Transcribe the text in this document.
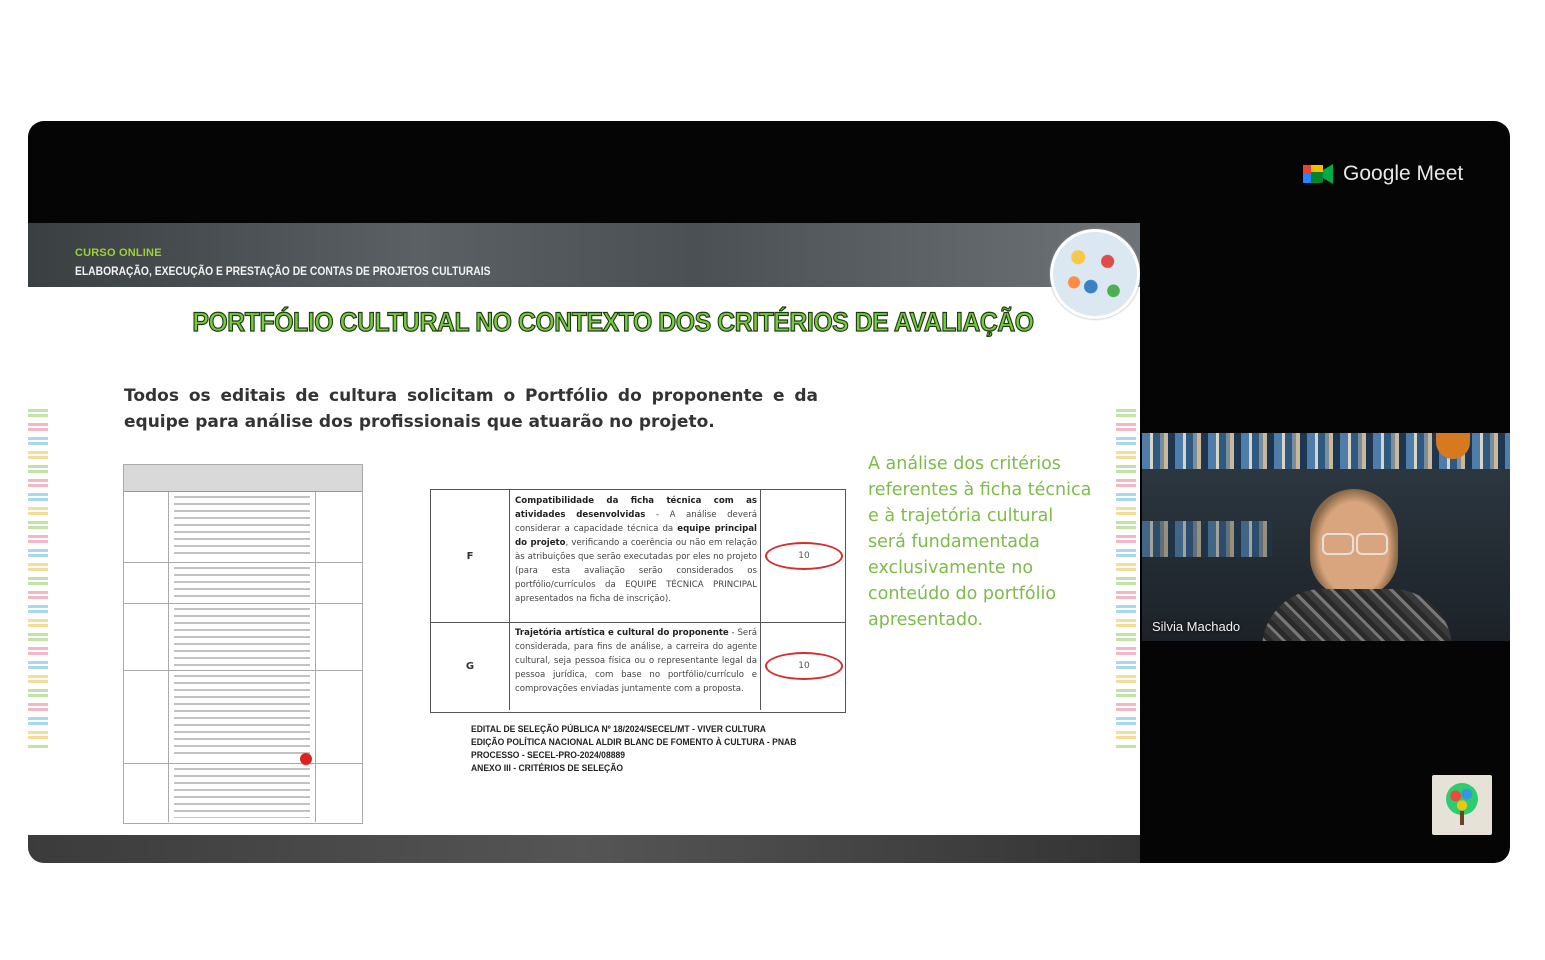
CURSO ONLINE
ELABORAÇÃO, EXECUÇÃO E PRESTAÇÃO DE CONTAS DE PROJETOS CULTURAIS
PORTFÓLIO CULTURAL NO CONTEXTO DOS CRITÉRIOS DE AVALIAÇÃO
Todos os editais de cultura solicitam o Portfólio do proponente e da equipe para análise dos profissionais que atuarão no projeto.
F
Compatibilidade da ficha técnica com as atividades desenvolvidas - A análise deverá considerar a capacidade técnica da equipe principal do projeto, verificando a coerência ou não em relação às atribuições que serão executadas por eles no projeto (para esta avaliação serão considerados os portfólio/currículos da EQUIPE TÉCNICA PRINCIPAL apresentados na ficha de inscrição).
10
G
Trajetória artística e cultural do proponente - Será considerada, para fins de análise, a carreira do agente cultural, seja pessoa física ou o representante legal da pessoa jurídica, com base no portfólio/currículo e comprovações enviadas juntamente com a proposta.
10
EDITAL DE SELEÇÃO PÚBLICA Nº 18/2024/SECEL/MT - VIVER CULTURA
EDIÇÃO POLÍTICA NACIONAL ALDIR BLANC DE FOMENTO À CULTURA - PNAB
PROCESSO - SECEL-PRO-2024/08889
ANEXO III - CRITÉRIOS DE SELEÇÃO
A análise dos critérios referentes à ficha técnica e à trajetória cultural será fundamentada exclusivamente no conteúdo do portfólio apresentado.
Google Meet
Silvia Machado
